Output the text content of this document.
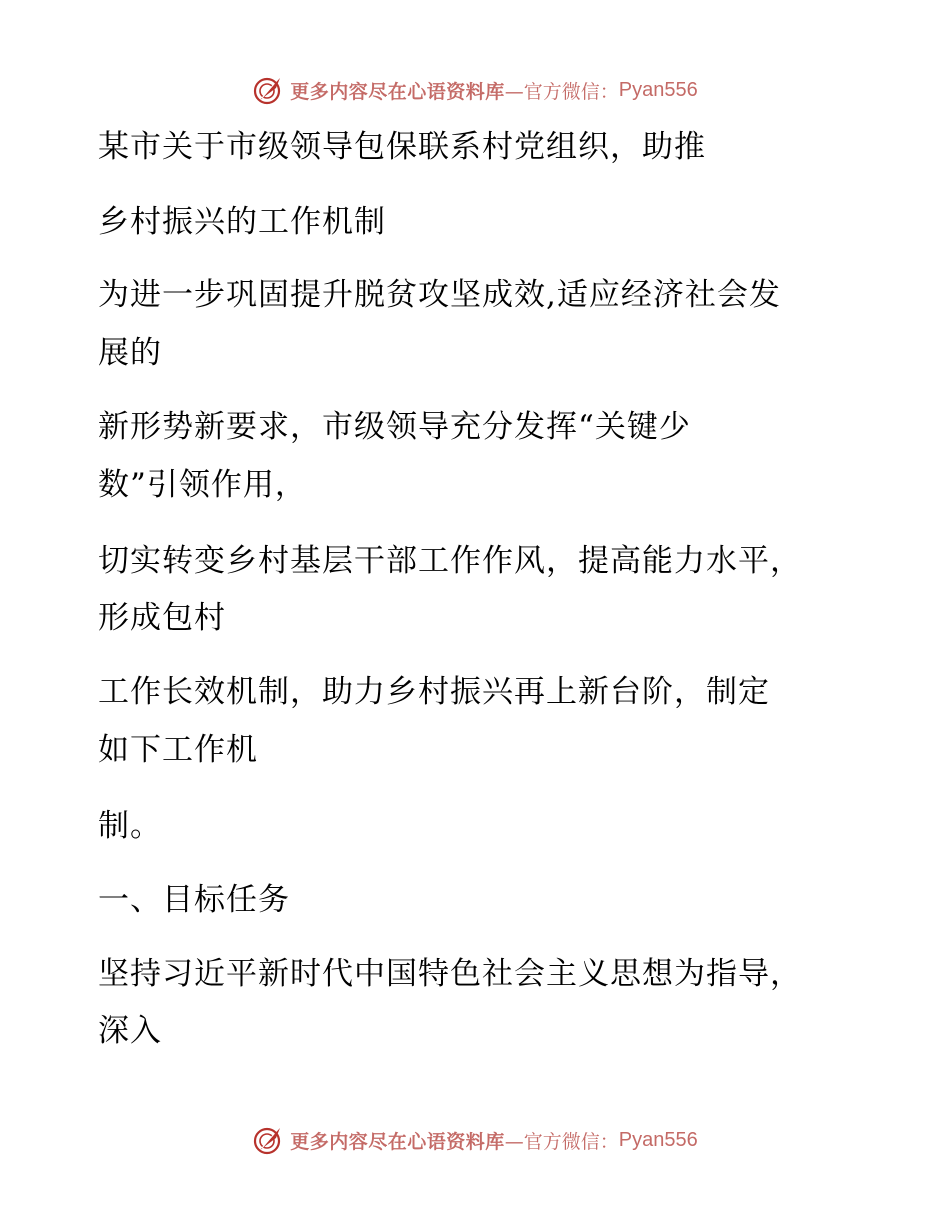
更多内容尽在心语资料库 —官方微信： Pyan556
某市关于市级领导包保联系村党组织，助推
乡村振兴的工作机制
为进一步巩固提升脱贫攻坚成效,适应经济社会发
展的
新形势新要求，市级领导充分发挥“关键少
数”引领作用，
切实转变乡村基层干部工作作风，提高能力水平，
形成包村
工作长效机制，助力乡村振兴再上新台阶，制定
如下工作机
制。
一、目标任务
坚持习近平新时代中国特色社会主义思想为指导，
深入
更多内容尽在心语资料库 —官方微信： Pyan556
